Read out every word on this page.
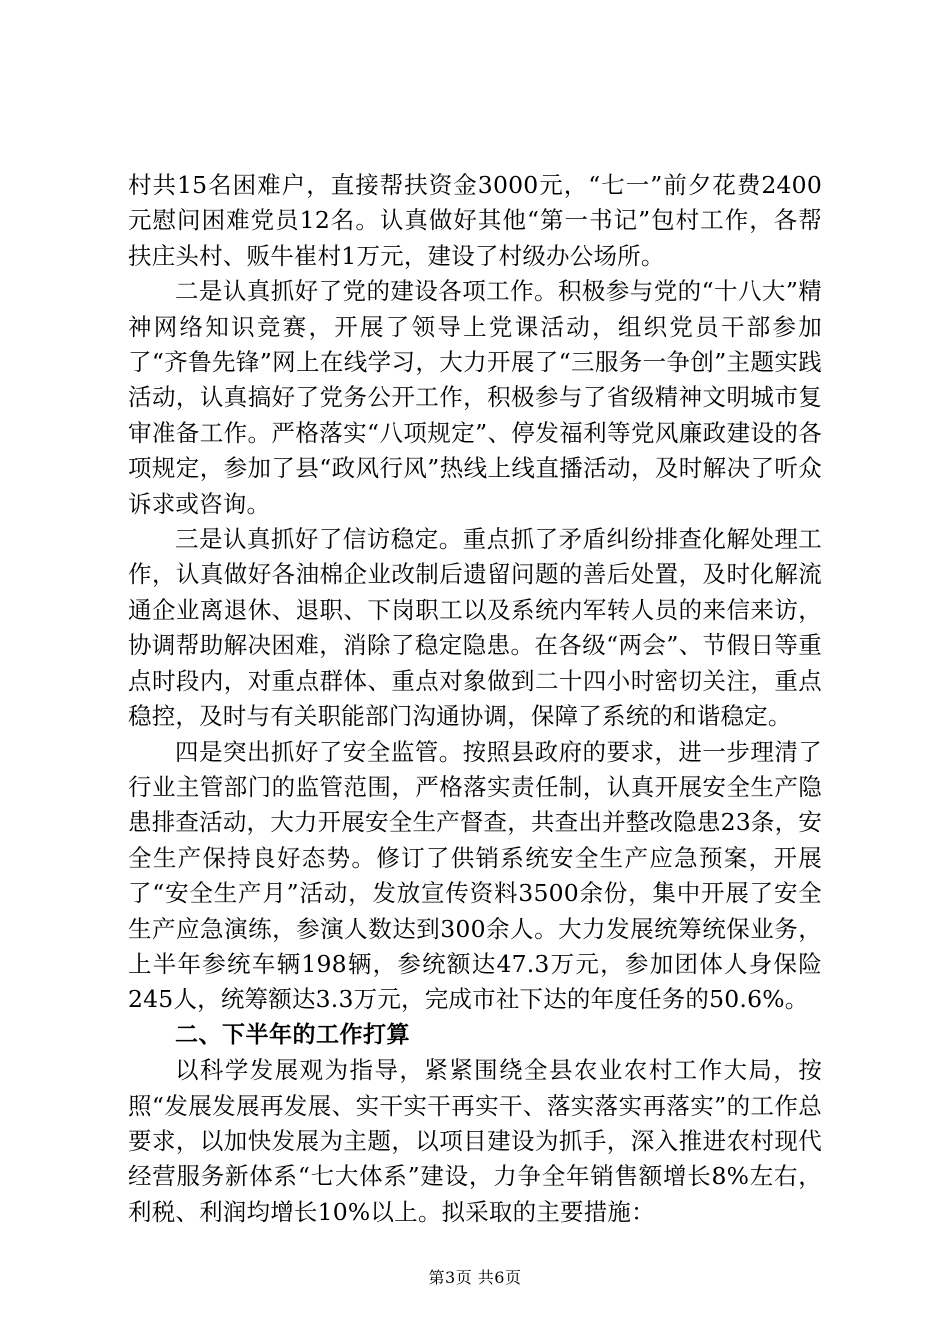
村共15名困难户，直接帮扶资金3000元，“七一”前夕花费2400元慰问困难党员12名。认真做好其他“第一书记”包村工作，各帮扶庄头村、贩牛崔村1万元，建设了村级办公场所。

二是认真抓好了党的建设各项工作。积极参与党的“十八大”精神网络知识竞赛，开展了领导上党课活动，组织党员干部参加了“齐鲁先锋”网上在线学习，大力开展了“三服务一争创”主题实践活动，认真搞好了党务公开工作，积极参与了省级精神文明城市复审准备工作。严格落实“八项规定”、停发福利等党风廉政建设的各项规定，参加了县“政风行风”热线上线直播活动，及时解决了听众诉求或咨询。

三是认真抓好了信访稳定。重点抓了矛盾纠纷排查化解处理工作，认真做好各油棉企业改制后遗留问题的善后处置，及时化解流通企业离退休、退职、下岗职工以及系统内军转人员的来信来访，协调帮助解决困难，消除了稳定隐患。在各级“两会”、节假日等重点时段内，对重点群体、重点对象做到二十四小时密切关注，重点稳控，及时与有关职能部门沟通协调，保障了系统的和谐稳定。

四是突出抓好了安全监管。按照县政府的要求，进一步理清了行业主管部门的监管范围，严格落实责任制，认真开展安全生产隐患排查活动，大力开展安全生产督查，共查出并整改隐患23条，安全生产保持良好态势。修订了供销系统安全生产应急预案，开展了“安全生产月”活动，发放宣传资料3500余份，集中开展了安全生产应急演练，参演人数达到300余人。大力发展统筹统保业务，上半年参统车辆198辆，参统额达47.3万元，参加团体人身保险245人，统筹额达3.3万元，完成市社下达的年度任务的50.6%。

二、下半年的工作打算

以科学发展观为指导，紧紧围绕全县农业农村工作大局，按照“发展发展再发展、实干实干再实干、落实落实再落实”的工作总要求，以加快发展为主题，以项目建设为抓手，深入推进农村现代经营服务新体系“七大体系”建设，力争全年销售额增长8%左右，利税、利润均增长10%以上。拟采取的主要措施：

第3页 共6页
